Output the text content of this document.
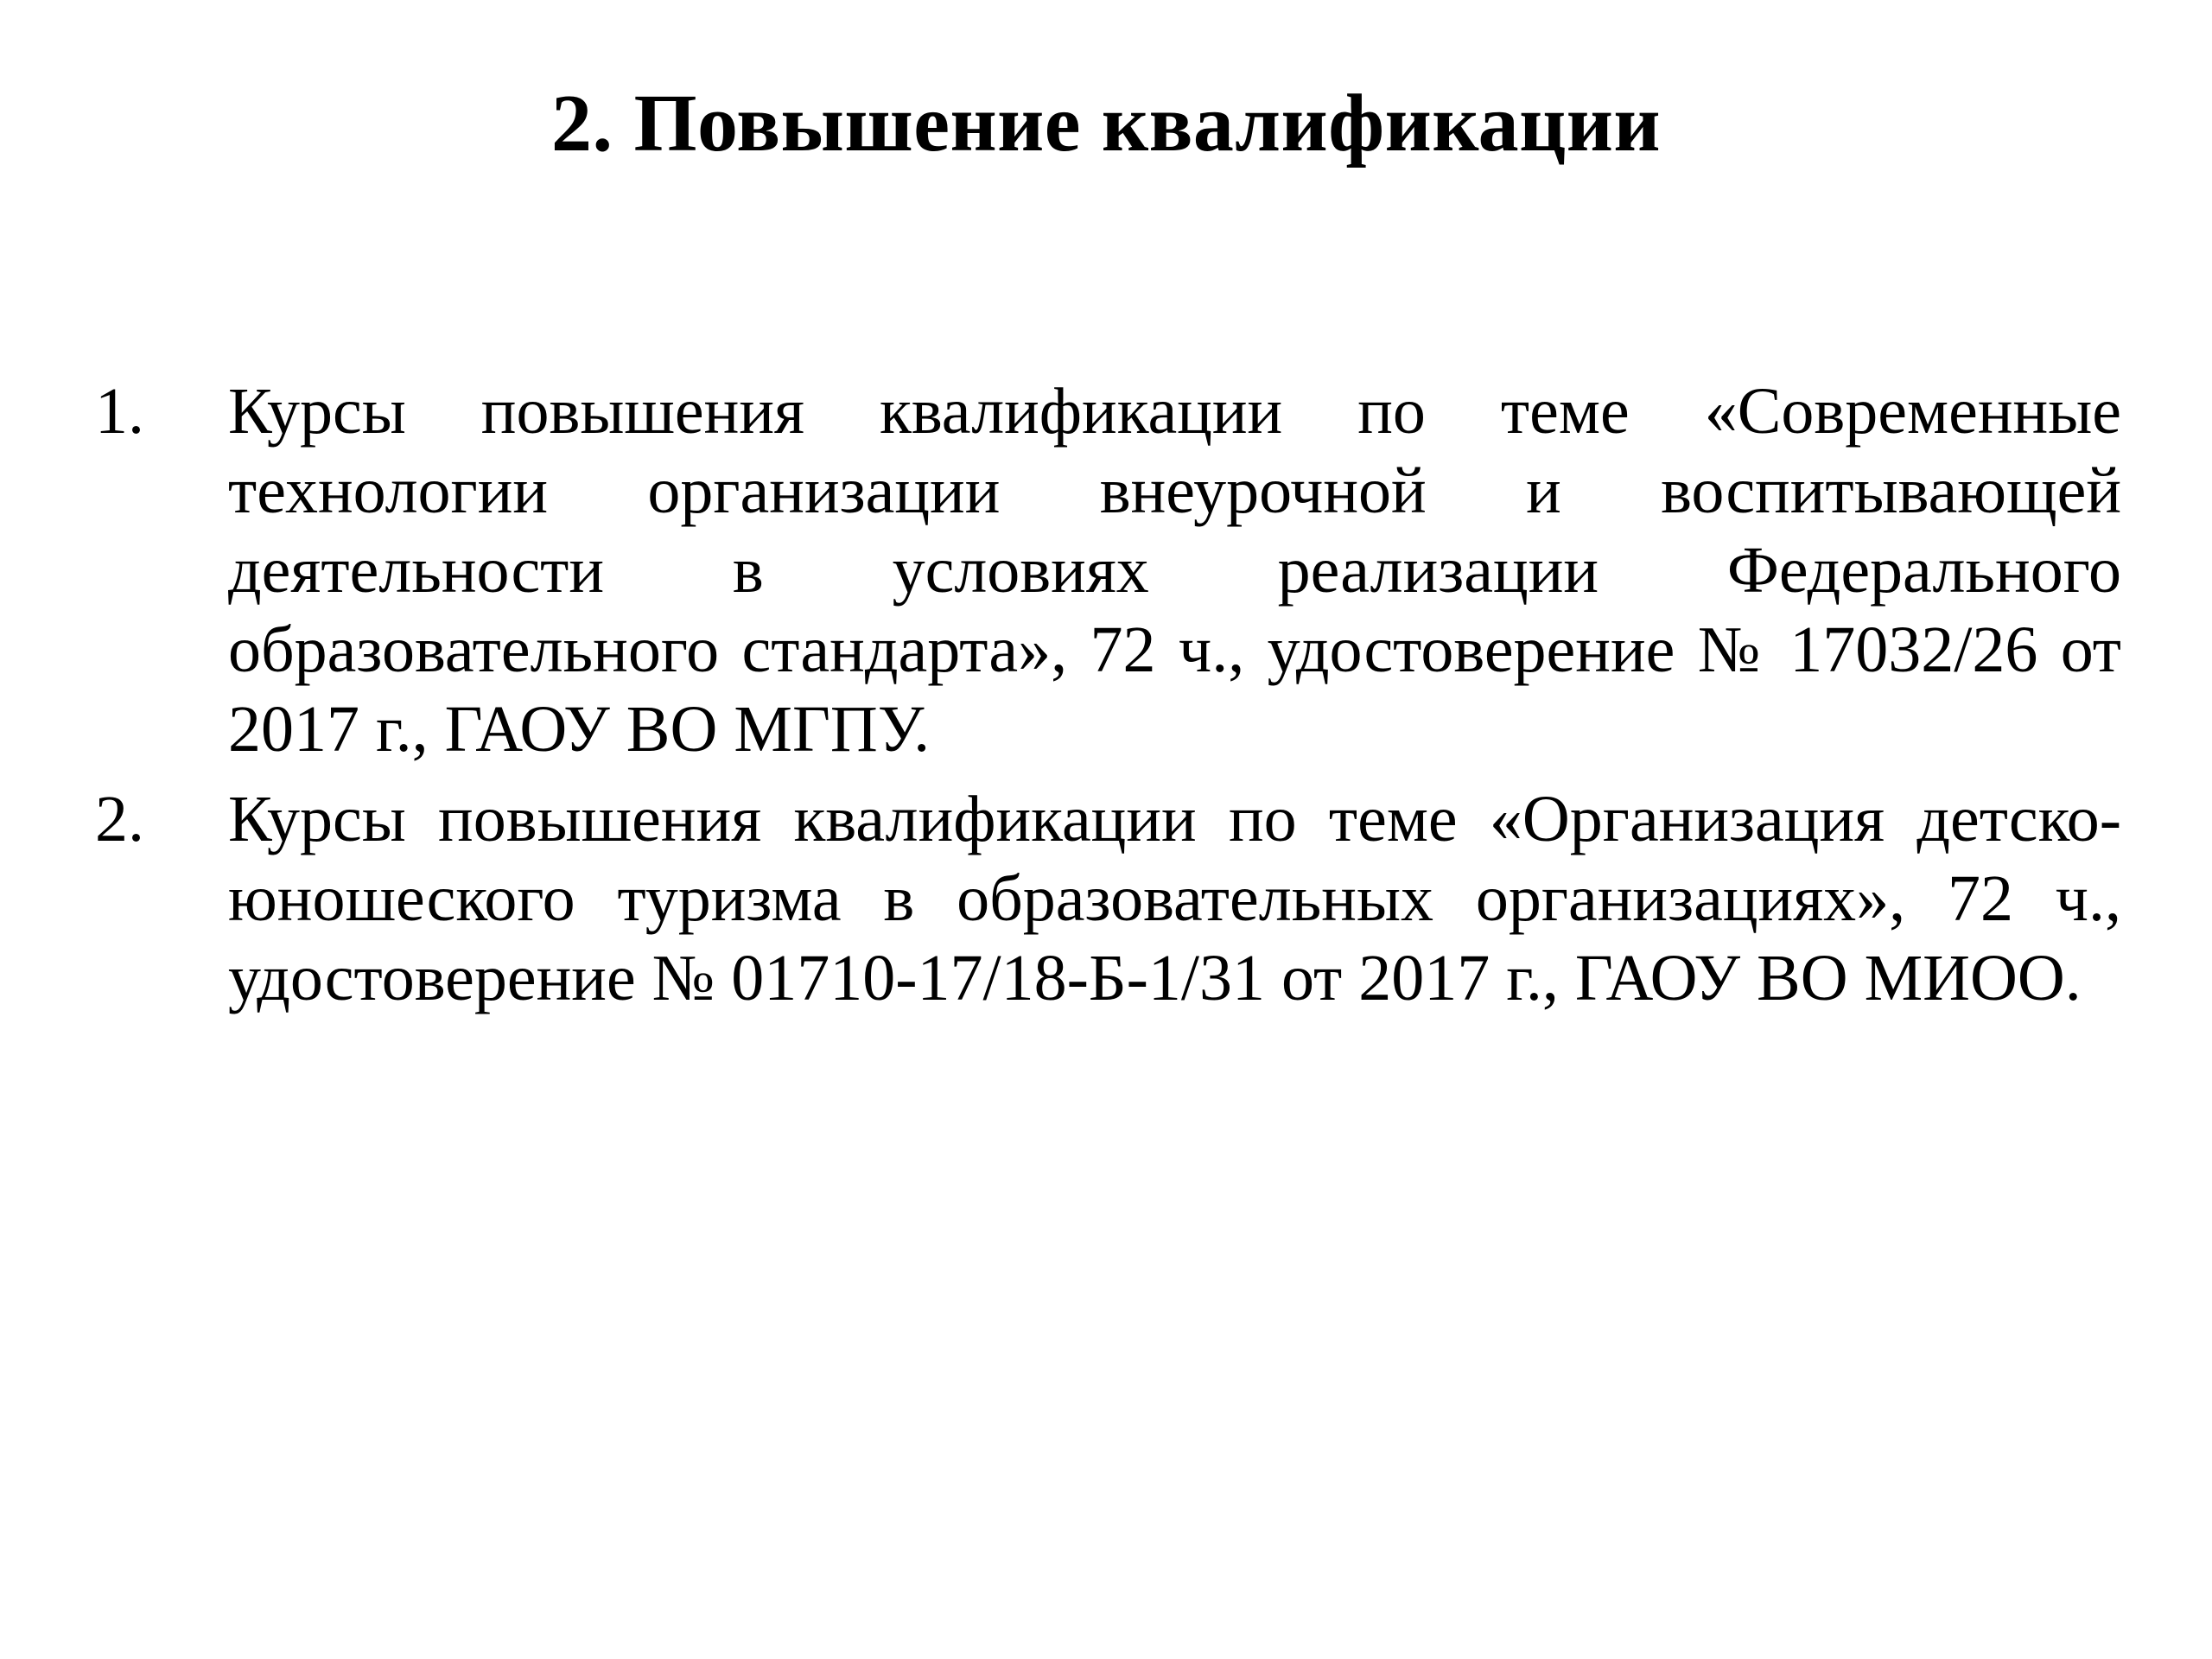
2. Повышение квалификации
1. Курсы повышения квалификации по теме «Современные технологии организации внеурочной и воспитывающей деятельности в условиях реализации Федерального образовательного стандарта», 72 ч., удостоверение № 17032/26 от 2017 г., ГАОУ ВО МГПУ.
2. Курсы повышения квалификации по теме «Организация детско-юношеского туризма в образовательных организациях», 72 ч., удостоверение № 01710-17/18-Б-1/31 от 2017 г., ГАОУ ВО МИОО.
